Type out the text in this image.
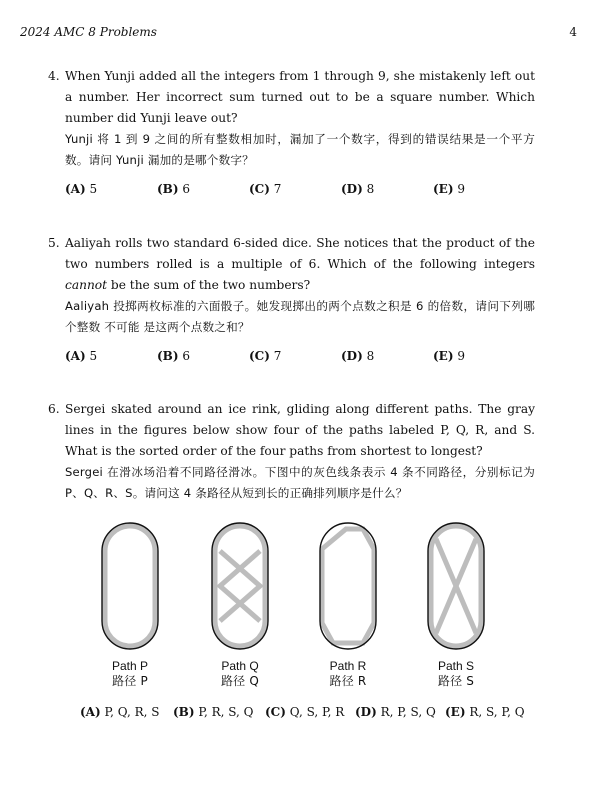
2024 AMC 8 Problems	4
4. When Yunji added all the integers from 1 through 9, she mistakenly left out a number. Her incorrect sum turned out to be a square number. Which number did Yunji leave out?
Yunji 将 1 到 9 之间的所有整数相加时，漏加了一个数字，得到的错误结果是一个平方数。请问 Yunji 漏加的是哪个数字？
(A) 5	(B) 6	(C) 7	(D) 8	(E) 9
5. Aaliyah rolls two standard 6-sided dice. She notices that the product of the two numbers rolled is a multiple of 6. Which of the following integers cannot be the sum of the two numbers?
Aaliyah 投掷两枚标准的六面骰子。她发现掷出的两个点数之积是 6 的倍数，请问下列哪个整数 不可能 是这两个点数之和？
(A) 5	(B) 6	(C) 7	(D) 8	(E) 9
6. Sergei skated around an ice rink, gliding along different paths. The gray lines in the figures below show four of the paths labeled P, Q, R, and S. What is the sorted order of the four paths from shortest to longest?
Sergei 在滑冰场沿着不同路径滑冰。下图中的灰色线条表示 4 条不同路径，分别标记为 P、Q、R、S。请问这 4 条路径从短到长的正确排列顺序是什么？
Path P
路径 P
Path Q
路径 Q
Path R
路径 R
Path S
路径 S
(A) P, Q, R, S (B) P, R, S, Q (C) Q, S, P, R (D) R, P, S, Q (E) R, S, P, Q
